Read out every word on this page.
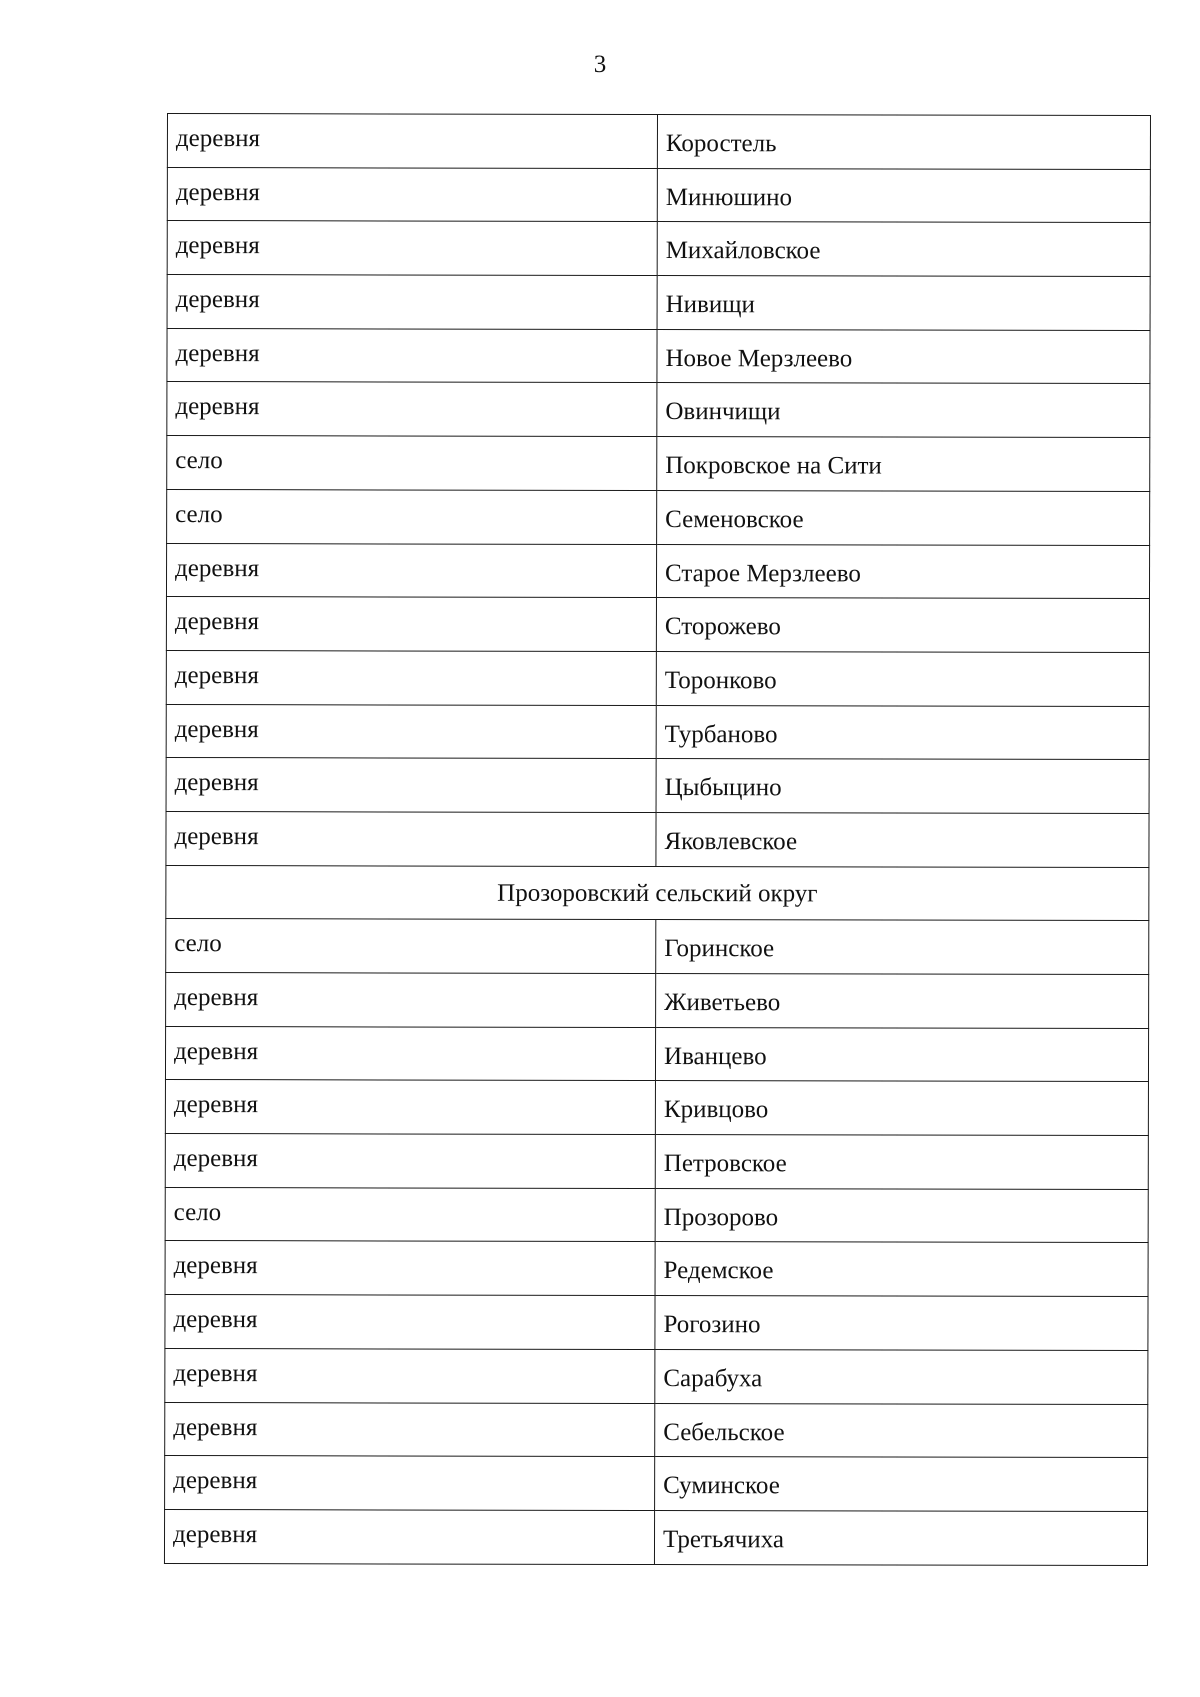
3
деревня	Коростель
деревня	Минюшино
деревня	Михайловское
деревня	Нивищи
деревня	Новое Мерзлеево
деревня	Овинчищи
село	Покровское на Сити
село	Семеновское
деревня	Старое Мерзлеево
деревня	Сторожево
деревня	Торонково
деревня	Турбаново
деревня	Цыбыцино
деревня	Яковлевское
Прозоровский сельский округ	
село	Горинское
деревня	Живетьево
деревня	Иванцево
деревня	Кривцово
деревня	Петровское
село	Прозорово
деревня	Редемское
деревня	Рогозино
деревня	Сарабуха
деревня	Себельское
деревня	Суминское
деревня	Третьячиха
